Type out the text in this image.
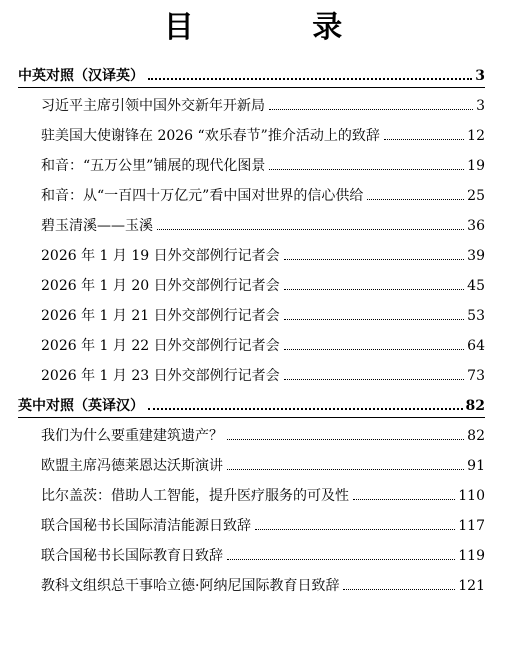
目 录
中英对照（汉译英）	3
习近平主席引领中国外交新年开新局	3
驻美国大使谢锋在 2026 “欢乐春节”推介活动上的致辞	12
和音：“五万公里”铺展的现代化图景	19
和音：从“一百四十万亿元”看中国对世界的信心供给	25
碧玉清溪——玉溪	36
2026 年 1 月 19 日外交部例行记者会	39
2026 年 1 月 20 日外交部例行记者会	45
2026 年 1 月 21 日外交部例行记者会	53
2026 年 1 月 22 日外交部例行记者会	64
2026 年 1 月 23 日外交部例行记者会	73
英中对照（英译汉）	82
我们为什么要重建建筑遗产？	82
欧盟主席冯德莱恩达沃斯演讲	91
比尔盖茨：借助人工智能，提升医疗服务的可及性	110
联合国秘书长国际清洁能源日致辞	117
联合国秘书长国际教育日致辞	119
教科文组织总干事哈立德·阿纳尼国际教育日致辞	121
